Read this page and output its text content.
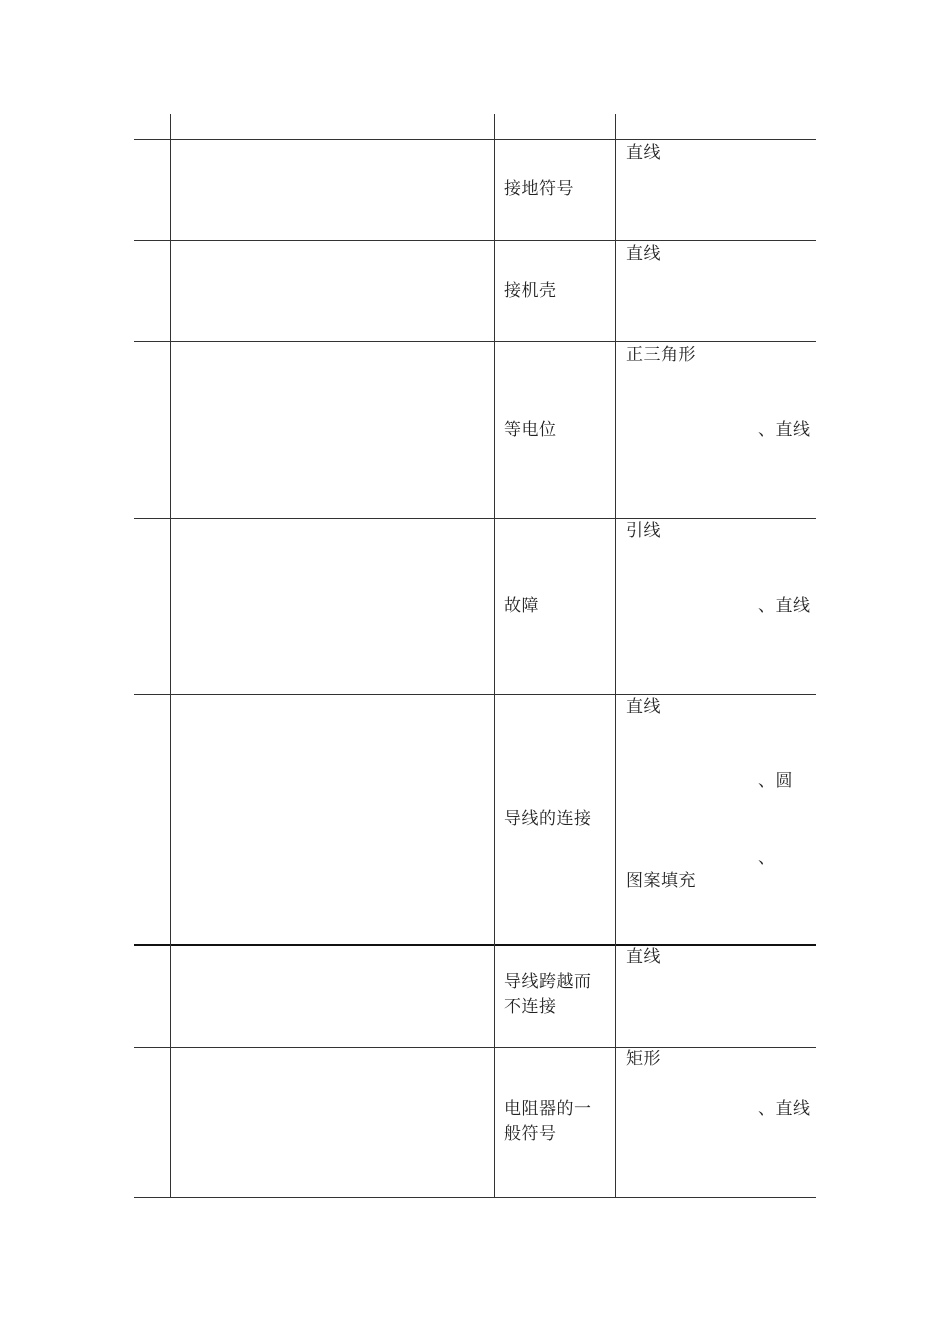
接地符号
直线
接机壳
直线
等电位
正三角形
、直线
故障
引线
、直线
导线的连接
直线
、圆
、
图案填充
导线跨越而不连接
直线
电阻器的一般符号
矩形
、直线
